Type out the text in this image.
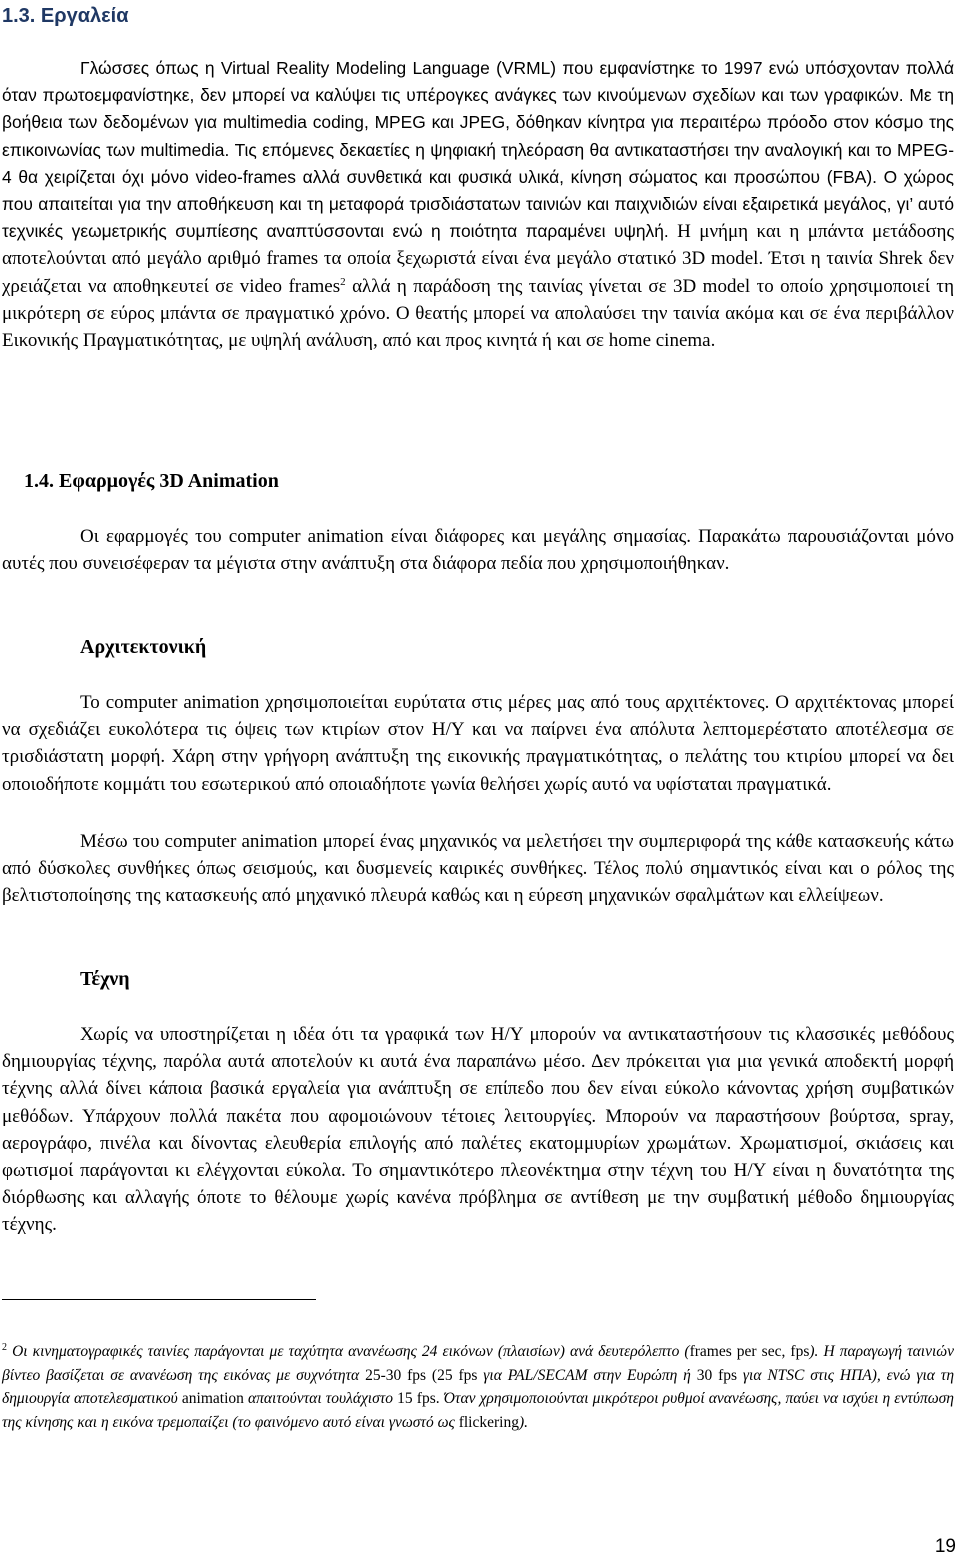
1.3. Εργαλεία

Γλώσσες όπως η Virtual Reality Modeling Language (VRML) που εμφανίστηκε το 1997 ενώ υπόσχονταν πολλά όταν πρωτοεμφανίστηκε, δεν μπορεί να καλύψει τις υπέρογκες ανάγκες των κινούμενων σχεδίων και των γραφικών. Με τη βοήθεια των δεδομένων για multimedia coding, MPEG και JPEG, δόθηκαν κίνητρα για περαιτέρω πρόοδο στον κόσμο της επικοινωνίας των multimedia. Τις επόμενες δεκαετίες η ψηφιακή τηλεόραση θα αντικαταστήσει την αναλογική και το MPEG-4 θα χειρίζεται όχι μόνο video-frames αλλά συνθετικά και φυσικά υλικά, κίνηση σώματος και προσώπου (FBA). Ο χώρος που απαιτείται για την αποθήκευση και τη μεταφορά τρισδιάστατων ταινιών και παιχνιδιών είναι εξαιρετικά μεγάλος, γι’ αυτό τεχνικές γεωμετρικής συμπίεσης αναπτύσσονται ενώ η ποιότητα παραμένει υψηλή. Η μνήμη και η μπάντα μετάδοσης αποτελούνται από μεγάλο αριθμό frames τα οποία ξεχωριστά είναι ένα μεγάλο στατικό 3D model. Έτσι η ταινία Shrek δεν χρειάζεται να αποθηκευτεί σε video frames$^2$ αλλά η παράδοση της ταινίας γίνεται σε 3D model το οποίο χρησιμοποιεί τη μικρότερη σε εύρος μπάντα σε πραγματικό χρόνο. Ο θεατής μπορεί να απολαύσει την ταινία ακόμα και σε ένα περιβάλλον Εικονικής Πραγματικότητας, με υψηλή ανάλυση, από και προς κινητά ή και σε home cinema.

1.4. Εφαρμογές 3D Animation

Οι εφαρμογές του computer animation είναι διάφορες και μεγάλης σημασίας. Παρακάτω παρουσιάζονται μόνο αυτές που συνεισέφεραν τα μέγιστα στην ανάπτυξη στα διάφορα πεδία που χρησιμοποιήθηκαν.

Αρχιτεκτονική

Το computer animation χρησιμοποιείται ευρύτατα στις μέρες μας από τους αρχιτέκτονες. Ο αρχιτέκτονας μπορεί να σχεδιάζει ευκολότερα τις όψεις των κτιρίων στον Η/Υ και να παίρνει ένα απόλυτα λεπτομερέστατο αποτέλεσμα σε τρισδιάστατη μορφή. Χάρη στην γρήγορη ανάπτυξη της εικονικής πραγματικότητας, ο πελάτης του κτιρίου μπορεί να δει οποιοδήποτε κομμάτι του εσωτερικού από οποιαδήποτε γωνία θελήσει χωρίς αυτό να υφίσταται πραγματικά.

Μέσω του computer animation μπορεί ένας μηχανικός να μελετήσει την συμπεριφορά της κάθε κατασκευής κάτω από δύσκολες συνθήκες όπως σεισμούς, και δυσμενείς καιρικές συνθήκες. Τέλος πολύ σημαντικός είναι και ο ρόλος της βελτιστοποίησης της κατασκευής από μηχανικό πλευρά καθώς και η εύρεση μηχανικών σφαλμάτων και ελλείψεων.

Τέχνη

Χωρίς να υποστηρίζεται η ιδέα ότι τα γραφικά των Η/Υ μπορούν να αντικαταστήσουν τις κλασσικές μεθόδους δημιουργίας τέχνης, παρόλα αυτά αποτελούν κι αυτά ένα παραπάνω μέσο. Δεν πρόκειται για μια γενικά αποδεκτή μορφή τέχνης αλλά δίνει κάποια βασικά εργαλεία για ανάπτυξη σε επίπεδο που δεν είναι εύκολο κάνοντας χρήση συμβατικών μεθόδων. Υπάρχουν πολλά πακέτα που αφομοιώνουν τέτοιες λειτουργίες. Μπορούν να παραστήσουν βούρτσα, spray, αερογράφο, πινέλα και δίνοντας ελευθερία επιλογής από παλέτες εκατομμυρίων χρωμάτων. Χρωματισμοί, σκιάσεις και φωτισμοί παράγονται κι ελέγχονται εύκολα. Το σημαντικότερο πλεονέκτημα στην τέχνη του Η/Υ είναι η δυνατότητα της διόρθωσης και αλλαγής όποτε το θέλουμε χωρίς κανένα πρόβλημα σε αντίθεση με την συμβατική μέθοδο δημιουργίας τέχνης.

$^2$ Οι κινηματογραφικές ταινίες παράγονται με ταχύτητα ανανέωσης 24 εικόνων (πλαισίων) ανά δευτερόλεπτο (frames per sec, fps). Η παραγωγή ταινιών βίντεο βασίζεται σε ανανέωση της εικόνας με συχνότητα 25-30 fps (25 fps για PAL/SECAM στην Ευρώπη ή 30 fps για NTSC στις ΗΠΑ), ενώ για τη δημιουργία αποτελεσματικού animation απαιτούνται τουλάχιστο 15 fps. Όταν χρησιμοποιούνται μικρότεροι ρυθμοί ανανέωσης, παύει να ισχύει η εντύπωση της κίνησης και η εικόνα τρεμοπαίζει (το φαινόμενο αυτό είναι γνωστό ως flickering).

19
